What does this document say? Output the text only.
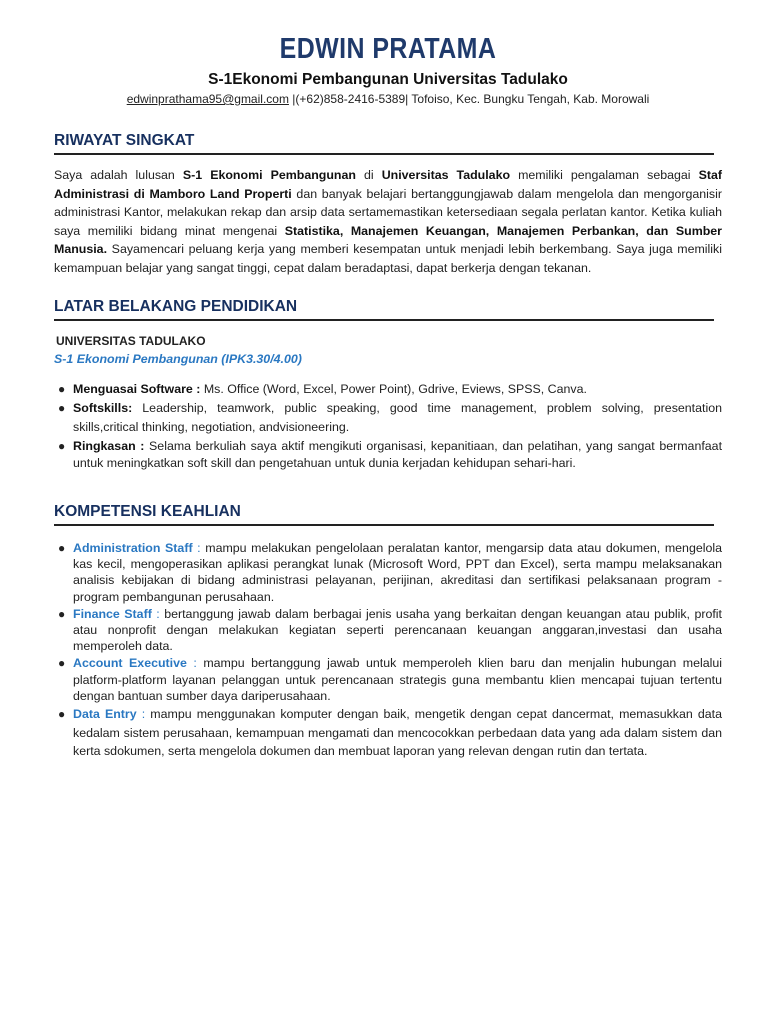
EDWIN PRATAMA

S-1Ekonomi Pembangunan Universitas Tadulako

edwinprathama95@gmail.com |(+62)858-2416-5389| Tofoiso, Kec. Bungku Tengah, Kab. Morowali

RIWAYAT SINGKAT

Saya adalah lulusan S-1 Ekonomi Pembangunan di Universitas Tadulako memiliki pengalaman sebagai Staf Administrasi di Mamboro Land Properti dan banyak belajari bertanggungjawab dalam mengelola dan mengorganisir administrasi Kantor, melakukan rekap dan arsip data sertamemastikan ketersediaan segala perlatan kantor. Ketika kuliah saya memiliki bidang minat mengenai Statistika, Manajemen Keuangan, Manajemen Perbankan, dan Sumber Manusia. Sayamencari peluang kerja yang memberi kesempatan untuk menjadi lebih berkembang. Saya juga memiliki kemampuan belajar yang sangat tinggi, cepat dalam beradaptasi, dapat berkerja dengan tekanan.

LATAR BELAKANG PENDIDIKAN

UNIVERSITAS TADULAKO

S-1 Ekonomi Pembangunan (IPK3.30/4.00)

● Menguasai Software : Ms. Office (Word, Excel, Power Point), Gdrive, Eviews, SPSS, Canva.
● Softskills: Leadership, teamwork, public speaking, good time management, problem solving, presentation skills,critical thinking, negotiation, andvisioneering.
● Ringkasan : Selama berkuliah saya aktif mengikuti organisasi, kepanitiaan, dan pelatihan, yang sangat bermanfaat untuk meningkatkan soft skill dan pengetahuan untuk dunia kerjadan kehidupan sehari-hari.
KOMPETENSI KEAHLIAN
● Administration Staff : mampu melakukan pengelolaan peralatan kantor, mengarsip data atau dokumen, mengelola kas kecil, mengoperasikan aplikasi perangkat lunak (Microsoft Word, PPT dan Excel), serta mampu melaksanakan analisis kebijakan di bidang administrasi pelayanan, perijinan, akreditasi dan sertifikasi pelaksanaan program - program pembangunan perusahaan.
● Finance Staff : bertanggung jawab dalam berbagai jenis usaha yang berkaitan dengan keuangan atau publik, profit atau nonprofit dengan melakukan kegiatan seperti perencanaan keuangan anggaran,investasi dan usaha memperoleh data.
● Account Executive : mampu bertanggung jawab untuk memperoleh klien baru dan menjalin hubungan melalui platform-platform layanan pelanggan untuk perencanaan strategis guna membantu klien mencapai tujuan tertentu dengan bantuan sumber daya dariperusahaan.
● Data Entry : mampu menggunakan komputer dengan baik, mengetik dengan cepat dancermat, memasukkan data kedalam sistem perusahaan, kemampuan mengamati dan mencocokkan perbedaan data yang ada dalam sistem dan kerta sdokumen, serta mengelola dokumen dan membuat laporan yang relevan dengan rutin dan tertata.
